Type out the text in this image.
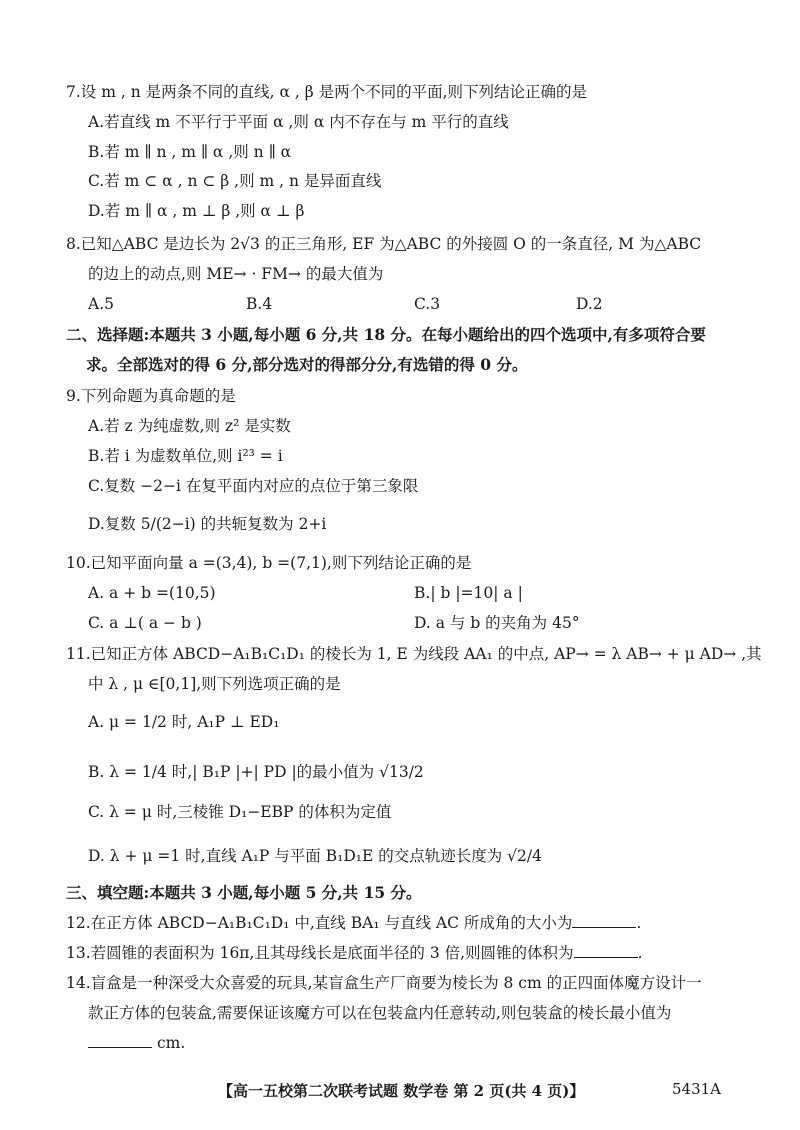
7.设 m , n 是两条不同的直线, α , β 是两个不同的平面,则下列结论正确的是
A.若直线 m 不平行于平面 α ,则 α 内不存在与 m 平行的直线
B.若 m ∥ n , m ∥ α ,则 n ∥ α
C.若 m ⊂ α , n ⊂ β ,则 m , n 是异面直线
D.若 m ∥ α , m ⊥ β ,则 α ⊥ β
8.已知△ABC 是边长为 2√3 的正三角形, EF 为△ABC 的外接圆 O 的一条直径, M 为△ABC
的边上的动点,则 ME→ · FM→ 的最大值为
A.5	B.4	C.3	D.2
二、选择题:本题共 3 小题,每小题 6 分,共 18 分。在每小题给出的四个选项中,有多项符合要
求。全部选对的得 6 分,部分选对的得部分分,有选错的得 0 分。
9.下列命题为真命题的是
A.若 z 为纯虚数,则 z² 是实数
B.若 i 为虚数单位,则 i²³ = i
C.复数 −2−i 在复平面内对应的点位于第三象限
D.复数 5/(2−i) 的共轭复数为 2+i
10.已知平面向量 a =(3,4), b =(7,1),则下列结论正确的是
A. a + b =(10,5)	B.| b |=10| a |
C. a ⊥( a − b )	D. a 与 b 的夹角为 45°
11.已知正方体 ABCD−A₁B₁C₁D₁ 的棱长为 1, E 为线段 AA₁ 的中点, AP→ = λ AB→ + μ AD→ ,其
中 λ , μ ∈[0,1],则下列选项正确的是
A. μ = 1/2 时, A₁P ⊥ ED₁
B. λ = 1/4 时,| B₁P |+| PD |的最小值为 √13/2
C. λ = μ 时,三棱锥 D₁−EBP 的体积为定值
D. λ + μ =1 时,直线 A₁P 与平面 B₁D₁E 的交点轨迹长度为 √2/4
三、填空题:本题共 3 小题,每小题 5 分,共 15 分。
12.在正方体 ABCD−A₁B₁C₁D₁ 中,直线 BA₁ 与直线 AC 所成角的大小为	.
13.若圆锥的表面积为 16π,且其母线长是底面半径的 3 倍,则圆锥的体积为	.
14.盲盒是一种深受大众喜爱的玩具,某盲盒生产厂商要为棱长为 8 cm 的正四面体魔方设计一
款正方体的包装盒,需要保证该魔方可以在包装盒内任意转动,则包装盒的棱长最小值为
cm.
【高一五校第二次联考试题 数学卷 第 2 页(共 4 页)】	5431A
